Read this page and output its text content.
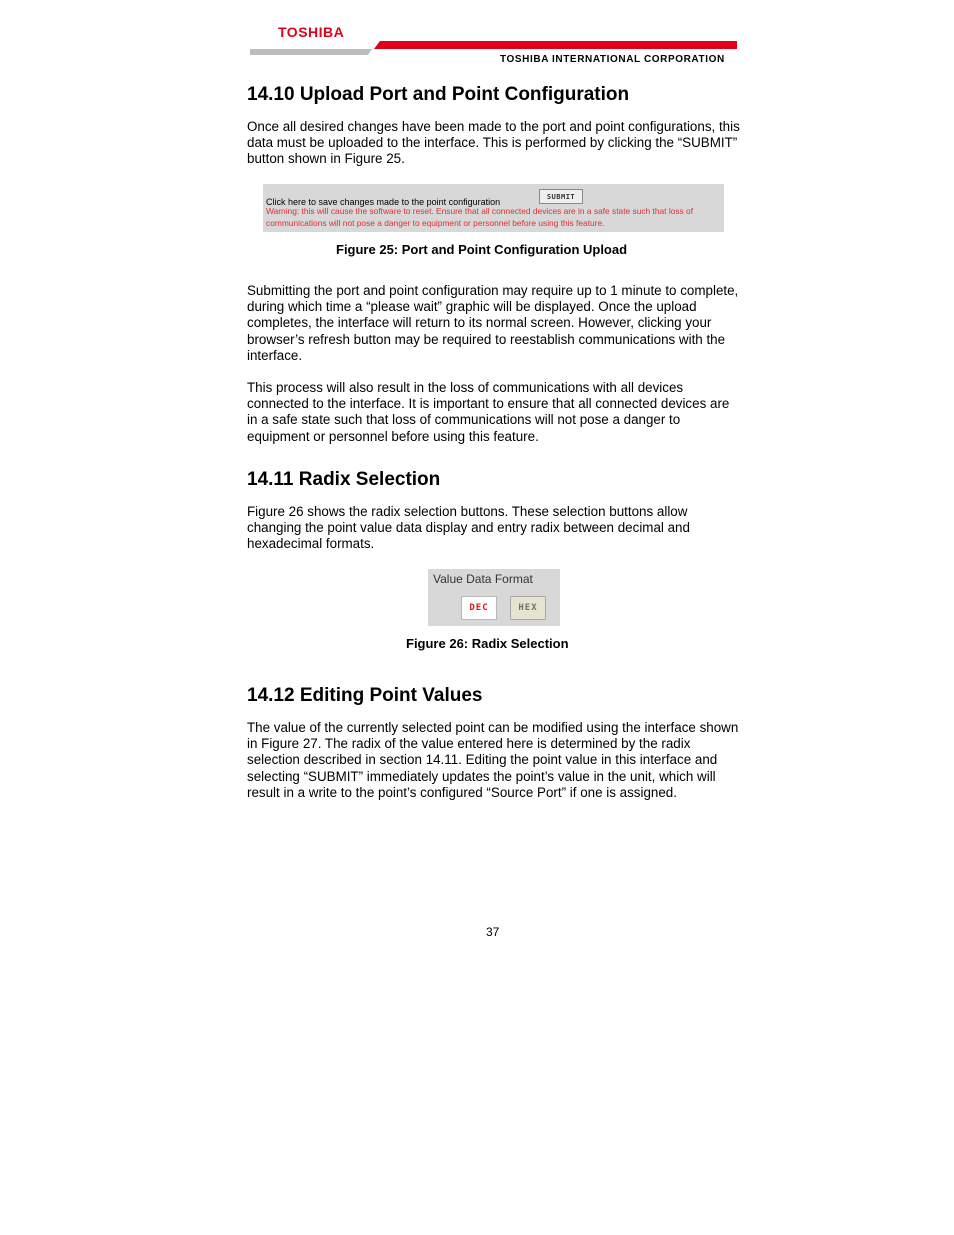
TOSHIBA

TOSHIBA INTERNATIONAL CORPORATION

14.10 Upload Port and Point Configuration

Once all desired changes have been made to the port and point configurations, this data must be uploaded to the interface. This is performed by clicking the “SUBMIT” button shown in Figure 25.

Click here to save changes made to the point configuration	SUBMIT

Warning: this will cause the software to reset. Ensure that all connected devices are in a safe state such that loss of communications will not pose a danger to equipment or personnel before using this feature.

Figure 25: Port and Point Configuration Upload

Submitting the port and point configuration may require up to 1 minute to complete, during which time a “please wait” graphic will be displayed. Once the upload completes, the interface will return to its normal screen. However, clicking your browser’s refresh button may be required to reestablish communications with the interface.

This process will also result in the loss of communications with all devices connected to the interface. It is important to ensure that all connected devices are in a safe state such that loss of communications will not pose a danger to equipment or personnel before using this feature.

14.11 Radix Selection

Figure 26 shows the radix selection buttons. These selection buttons allow changing the point value data display and entry radix between decimal and hexadecimal formats.

Value Data Format

DEC	HEX

Figure 26: Radix Selection

14.12 Editing Point Values

The value of the currently selected point can be modified using the interface shown in Figure 27. The radix of the value entered here is determined by the radix selection described in section 14.11. Editing the point value in this interface and selecting “SUBMIT” immediately updates the point’s value in the unit, which will result in a write to the point’s configured “Source Port” if one is assigned.

37
